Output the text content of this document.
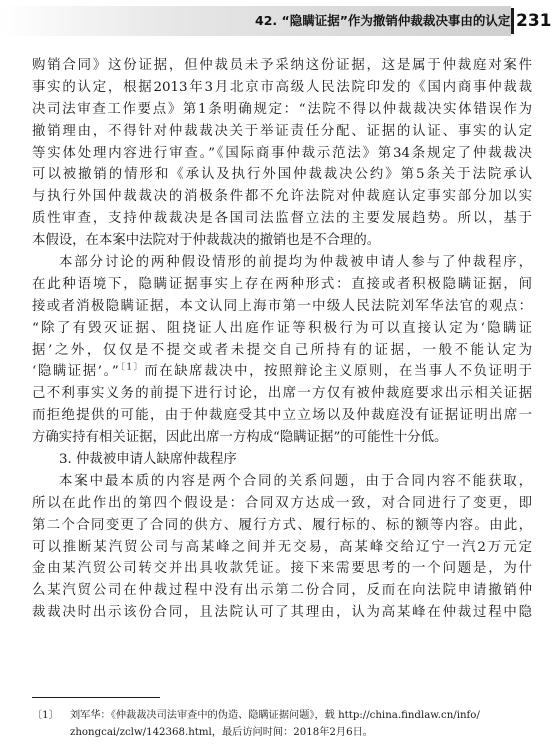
42. “隐瞒证据”作为撤销仲裁裁决事由的认定 231
购销合同》这份证据，但仲裁员未予采纳这份证据，这是属于仲裁庭对案件
事实的认定，根据2013年3月北京市高级人民法院印发的《国内商事仲裁裁
决司法审查工作要点》第1条明确规定：“法院不得以仲裁裁决实体错误作为
撤销理由，不得针对仲裁裁决关于举证责任分配、证据的认证、事实的认定
等实体处理内容进行审查。”《国际商事仲裁示范法》第34条规定了仲裁裁决
可以被撤销的情形和《承认及执行外国仲裁裁决公约》第5条关于法院承认
与执行外国仲裁裁决的消极条件都不允许法院对仲裁庭认定事实部分加以实
质性审查，支持仲裁裁决是各国司法监督立法的主要发展趋势。所以，基于
本假设，在本案中法院对于仲裁裁决的撤销也是不合理的。
本部分讨论的两种假设情形的前提均为仲裁被申请人参与了仲裁程序，
在此种语境下，隐瞒证据事实上存在两种形式：直接或者积极隐瞒证据，间
接或者消极隐瞒证据，本文认同上海市第一中级人民法院刘军华法官的观点：
“除了有毁灭证据、阻挠证人出庭作证等积极行为可以直接认定为‘隐瞒证
据’之外，仅仅是不提交或者未提交自己所持有的证据，一般不能认定为
‘隐瞒证据’。”$^{〔1〕}$而在缺席裁决中，按照辩论主义原则，在当事人不负证明于
己不利事实义务的前提下进行讨论，出席一方仅有被仲裁庭要求出示相关证据
而拒绝提供的可能，由于仲裁庭受其中立立场以及仲裁庭没有证据证明出席一
方确实持有相关证据，因此出席一方构成“隐瞒证据”的可能性十分低。
3. 仲裁被申请人缺席仲裁程序
本案中最本质的内容是两个合同的关系问题，由于合同内容不能获取，
所以在此作出的第四个假设是：合同双方达成一致，对合同进行了变更，即
第二个合同变更了合同的供方、履行方式、履行标的、标的额等内容。由此，
可以推断某汽贸公司与高某峰之间并无交易，高某峰交给辽宁一汽2万元定
金由某汽贸公司转交并出具收款凭证。接下来需要思考的一个问题是，为什
么某汽贸公司在仲裁过程中没有出示第二份合同，反而在向法院申请撤销仲
裁裁决时出示该份合同，且法院认可了其理由，认为高某峰在仲裁过程中隐
〔1〕 刘军华：《仲裁裁决司法审查中的伪造、隐瞒证据问题》，载 http://china.findlaw.cn/info/
zhongcai/zclw/142368.html，最后访问时间：2018年2月6日。
